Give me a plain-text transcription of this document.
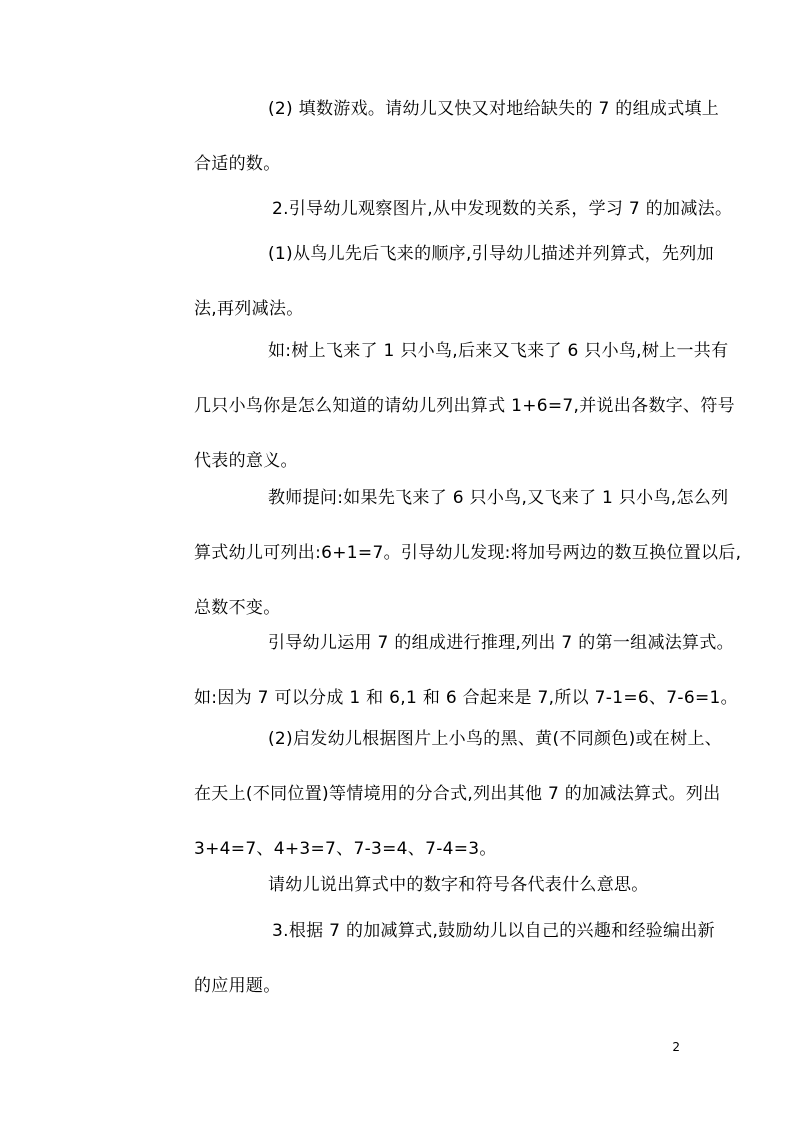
(2) 填数游戏。请幼儿又快又对地给缺失的 7 的组成式填上
合适的数。
2.引导幼儿观察图片,从中发现数的关系，学习 7 的加减法。
(1)从鸟儿先后飞来的顺序,引导幼儿描述并列算式，先列加
法,再列减法。
如:树上飞来了 1 只小鸟,后来又飞来了 6 只小鸟,树上一共有
几只小鸟你是怎么知道的请幼儿列出算式 1+6=7,并说出各数字、符号
代表的意义。
教师提问:如果先飞来了 6 只小鸟,又飞来了 1 只小鸟,怎么列
算式幼儿可列出:6+1=7。引导幼儿发现:将加号两边的数互换位置以后,
总数不变。
引导幼儿运用 7 的组成进行推理,列出 7 的第一组减法算式。
如:因为 7 可以分成 1 和 6,1 和 6 合起来是 7,所以 7-1=6、7-6=1。
(2)启发幼儿根据图片上小鸟的黑、黄(不同颜色)或在树上、
在天上(不同位置)等情境用的分合式,列出其他 7 的加减法算式。列出
3+4=7、4+3=7、7-3=4、7-4=3。
请幼儿说出算式中的数字和符号各代表什么意思。
3.根据 7 的加减算式,鼓励幼儿以自己的兴趣和经验编出新
的应用题。
2
